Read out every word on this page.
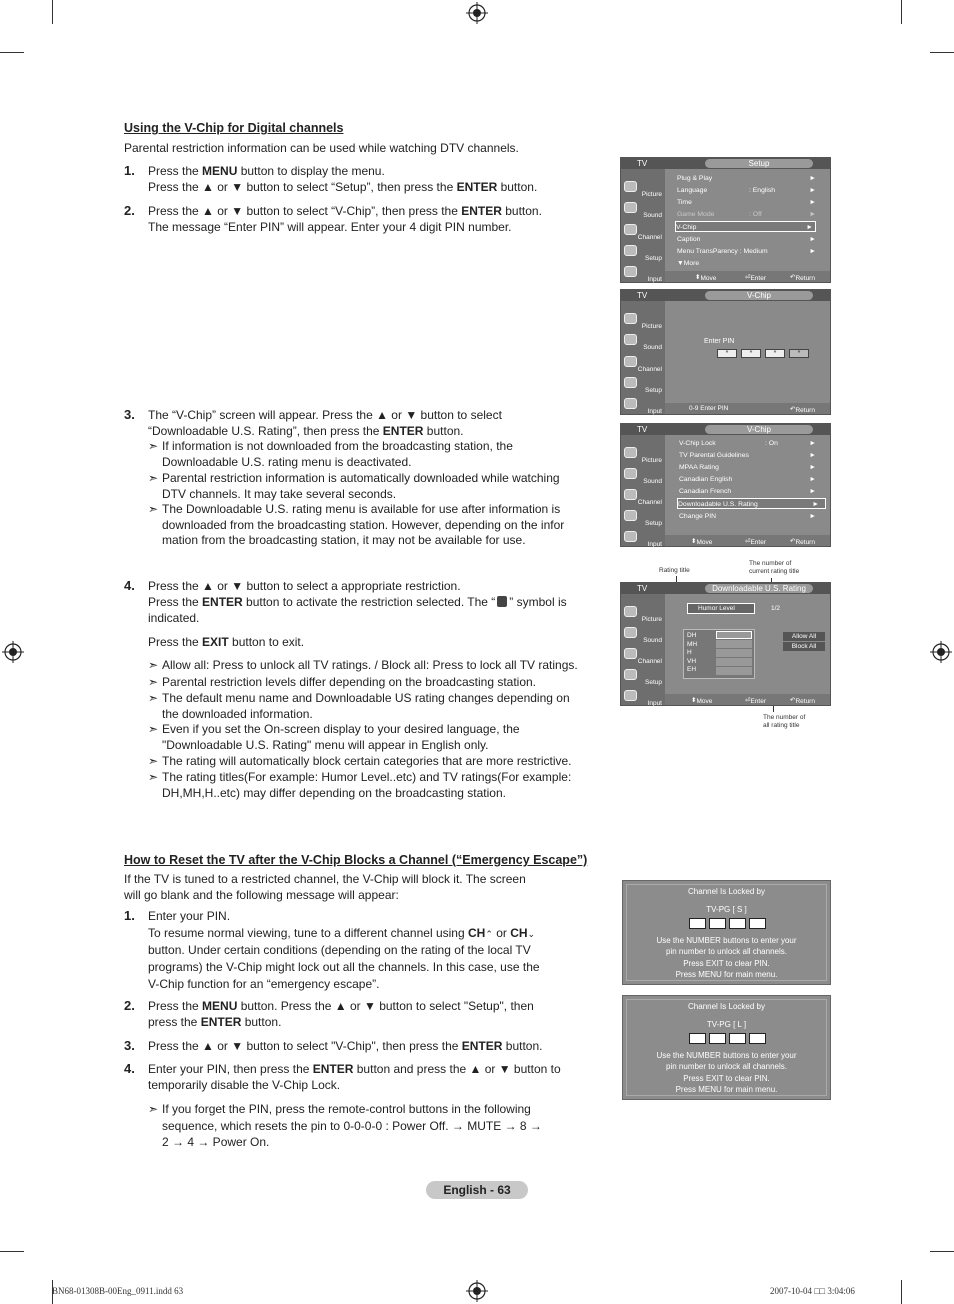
Using the V-Chip for Digital channels
Parental restriction information can be used while watching DTV channels.
1. Press the MENU button to display the menu.
Press the ▲ or ▼ button to select “Setup”, then press the ENTER button.
2. Press the ▲ or ▼ button to select “V-Chip”, then press the ENTER button.
The message “Enter PIN” will appear. Enter your 4 digit PIN number.
3. The “V-Chip” screen will appear. Press the ▲ or ▼ button to select
“Downloadable U.S. Rating”, then press the ENTER button.
➣ If information is not downloaded from the broadcasting station, the
Downloadable U.S. rating menu is deactivated.
➣ Parental restriction information is automatically downloaded while watching
DTV channels. It may take several seconds.
➣ The Downloadable U.S. rating menu is available for use after information is
downloaded from the broadcasting station. However, depending on the infor
mation from the broadcasting station, it may not be available for use.
4. Press the ▲ or ▼ button to select a appropriate restriction.
Press the ENTER button to activate the restriction selected. The “ ” symbol is
indicated.
Press the EXIT button to exit.
➣ Allow all: Press to unlock all TV ratings. / Block all: Press to lock all TV ratings.
➣ Parental restriction levels differ depending on the broadcasting station.
➣ The default menu name and Downloadable US rating changes depending on
the downloaded information.
➣ Even if you set the On-screen display to your desired language, the
"Downloadable U.S. Rating" menu will appear in English only.
➣ The rating will automatically block certain categories that are more restrictive.
➣ The rating titles(For example: Humor Level..etc) and TV ratings(For example:
DH,MH,H..etc) may differ depending on the broadcasting station.
TV	Setup
Picture
Sound
Channel
Setup
Input
Plug & Play	►
Language	: English	►
Time	►
Game Mode	: Off	►
V-Chip	►
Caption	►
Menu TransParency : Medium	►
▼More
⬍ Move	⏎ Enter	↶ Return
TV	V-Chip
Picture
Sound
Channel
Setup
Input
Enter PIN
*	*	*	*
0-9 Enter PIN	↶ Return
TV	V-Chip
Picture
Sound
Channel
Setup
Input
V-Chip Lock	: On	►
TV Parental Guidelines	►
MPAA Rating	►
Canadian English	►
Canadian French	►
Downloadable U.S. Rating	►
Change PIN	►
⬍ Move	⏎ Enter	↶ Return
Rating title
The number of
current rating title
The number of
all rating title
TV	Downloadable U.S. Rating
Picture
Sound
Channel
Setup
Input
Humor Level	1/2
DH
MH
H
VH
EH
Allow All
Block All
⬍ Move	⏎ Enter	↶ Return
How to Reset the TV after the V-Chip Blocks a Channel (“Emergency Escape”)
If the TV is tuned to a restricted channel, the V-Chip will block it. The screen
will go blank and the following message will appear:
1. Enter your PIN.
To resume normal viewing, tune to a different channel using CH⌃ or CH⌄
button. Under certain conditions (depending on the rating of the local TV
programs) the V-Chip might lock out all the channels. In this case, use the
V-Chip function for an “emergency escape”.
2. Press the MENU button. Press the ▲ or ▼ button to select "Setup", then
press the ENTER button.
3. Press the ▲ or ▼ button to select "V-Chip", then press the ENTER button.
4. Enter your PIN, then press the ENTER button and press the ▲ or ▼ button to
temporarily disable the V-Chip Lock.
➣ If you forget the PIN, press the remote-control buttons in the following
sequence, which resets the pin to 0-0-0-0 : Power Off. → MUTE → 8 →
2 → 4 → Power On.
Channel Is Locked by
TV-PG [ S ]
Use the NUMBER buttons to enter your
pin number to unlock all channels.
Press EXIT to clear PIN.
Press MENU for main menu.
Channel Is Locked by
TV-PG [ L ]
Use the NUMBER buttons to enter your
pin number to unlock all channels.
Press EXIT to clear PIN.
Press MENU for main menu.
English - 63
BN68-01308B-00Eng_0911.indd 63	2007-10-04 □□ 3:04:06
